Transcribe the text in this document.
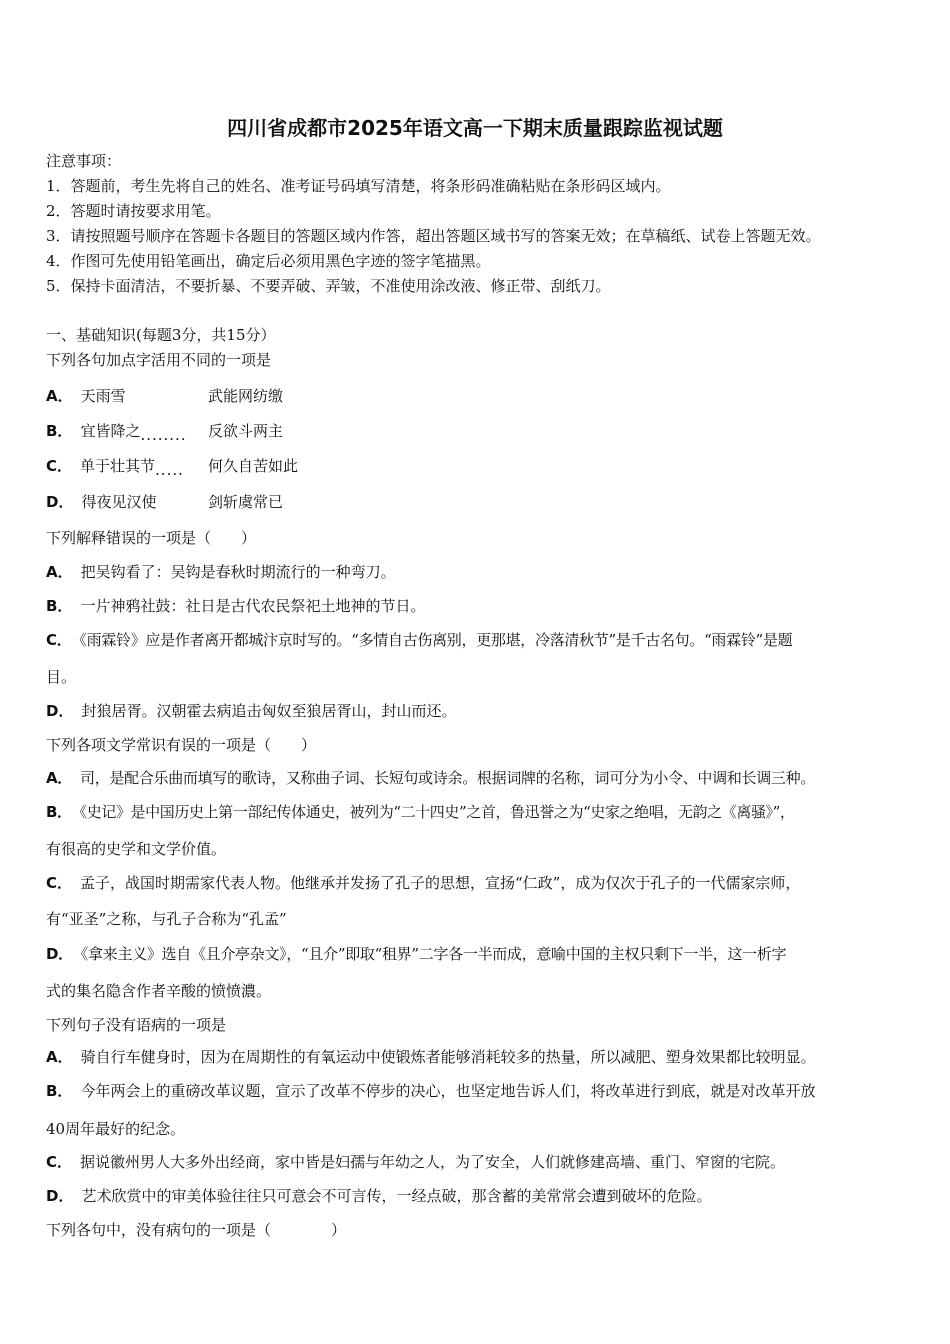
四川省成都市2025年语文高一下期末质量跟踪监视试题
注意事项：
1．答题前，考生先将自己的姓名、准考证号码填写清楚，将条形码准确粘贴在条形码区域内。
2．答题时请按要求用笔。
3．请按照题号顺序在答题卡各题目的答题区域内作答，超出答题区域书写的答案无效；在草稿纸、试卷上答题无效。
4．作图可先使用铅笔画出，确定后必须用黑色字迹的签字笔描黑。
5．保持卡面清洁，不要折暴、不要弄破、弄皱，不准使用涂改液、修正带、刮纸刀。
一、基础知识(每题3分，共15分）
下列各句加点字活用不同的一项是
A． 天雨雪	武能网纺缴
B． 宜皆降之........ 反欲斗两主
C． 单于壮其节..... 何久自苦如此
D． 得夜见汉使	剑斩虞常已
下列解释错误的一项是（　　）
A． 把吴钩看了：吴钩是春秋时期流行的一种弯刀。
B． 一片神鸦社鼓：社日是古代农民祭祀土地神的节日。
C． 《雨霖铃》应是作者离开都城汴京时写的。“多情自古伤离别，更那堪，冷落清秋节”是千古名句。“雨霖铃”是题
目。
D． 封狼居胥。汉朝霍去病追击匈奴至狼居胥山，封山而还。
下列各项文学常识有误的一项是（　　）
A． 司，是配合乐曲而填写的歌诗，又称曲子词、长短句或诗余。根据词牌的名称，词可分为小令、中调和长调三种。
B． 《史记》是中国历史上第一部纪传体通史，被列为“二十四史”之首，鲁迅誉之为“史家之绝唱，无韵之《离骚》”，
有很高的史学和文学价值。
C． 孟子，战国时期需家代表人物。他继承并发扬了孔子的思想，宣扬“仁政”，成为仅次于孔子的一代儒家宗师，
有“亚圣”之称，与孔子合称为“孔孟”
D． 《拿来主义》选自《且介亭杂文》，“且介”即取“租界”二字各一半而成，意喻中国的主权只剩下一半，这一析字
式的集名隐含作者辛酸的愤愤濃。
下列句子没有语病的一项是
A． 骑自行车健身时，因为在周期性的有氧运动中使锻炼者能够消耗较多的热量，所以减肥、塑身效果都比较明显。
B． 今年两会上的重磅改革议题，宣示了改革不停步的决心，也坚定地告诉人们，将改革进行到底，就是对改革开放
40周年最好的纪念。
C． 据说徽州男人大多外出经商，家中皆是妇孺与年幼之人，为了安全，人们就修建高墙、重门、窄窗的宅院。
D． 艺术欣赏中的审美体验往往只可意会不可言传，一经点破，那含蓄的美常常会遭到破坏的危险。
下列各句中，没有病句的一项是（　　　　）
